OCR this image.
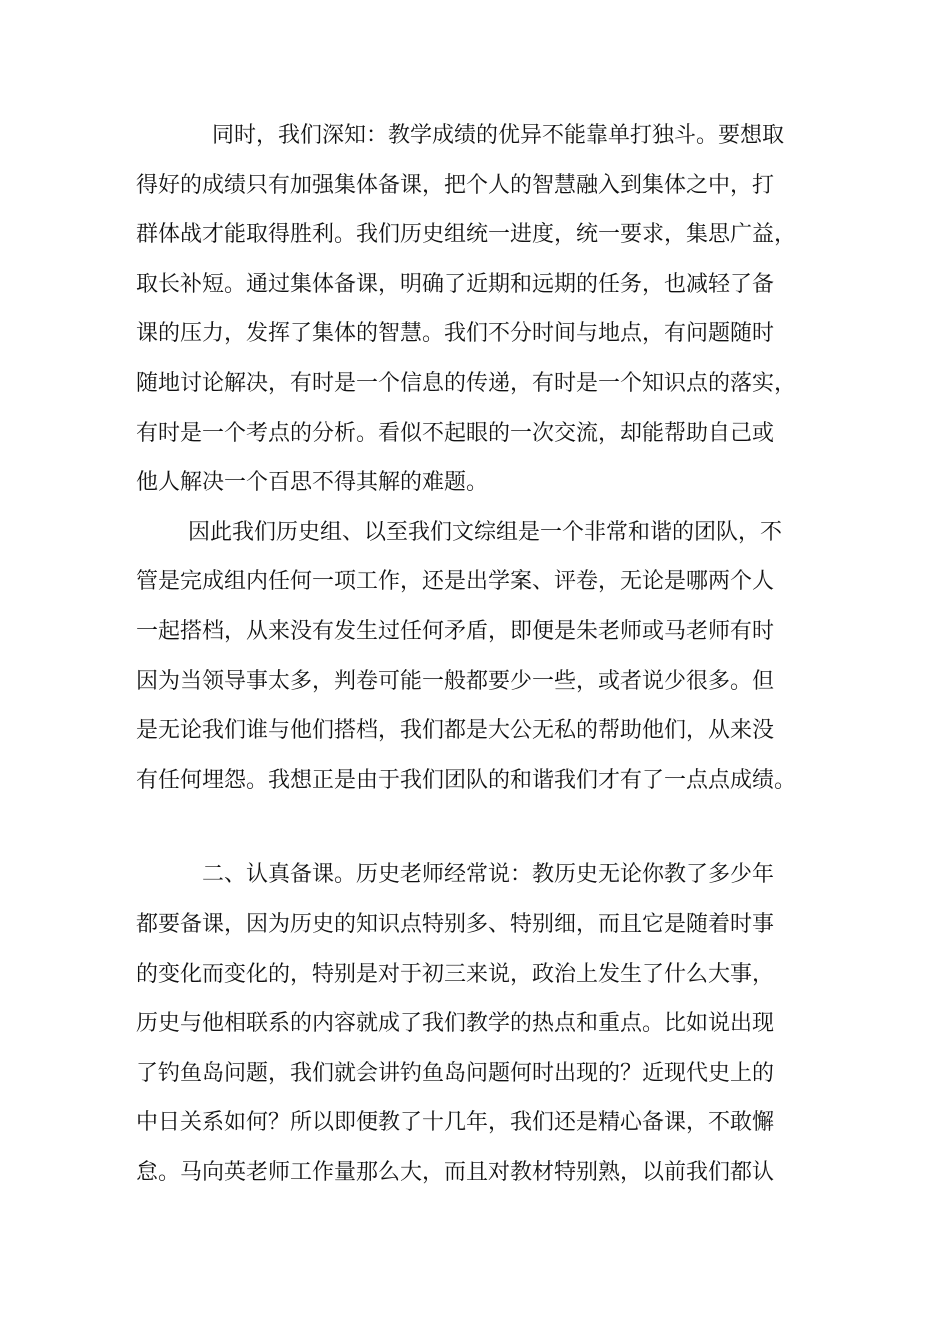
同时，我们深知：教学成绩的优异不能靠单打独斗。要想取
得好的成绩只有加强集体备课，把个人的智慧融入到集体之中，打
群体战才能取得胜利。我们历史组统一进度，统一要求，集思广益，
取长补短。通过集体备课，明确了近期和远期的任务，也减轻了备
课的压力，发挥了集体的智慧。我们不分时间与地点，有问题随时
随地讨论解决，有时是一个信息的传递，有时是一个知识点的落实，
有时是一个考点的分析。看似不起眼的一次交流，却能帮助自己或
他人解决一个百思不得其解的难题。
因此我们历史组、以至我们文综组是一个非常和谐的团队，不
管是完成组内任何一项工作，还是出学案、评卷，无论是哪两个人
一起搭档，从来没有发生过任何矛盾，即便是朱老师或马老师有时
因为当领导事太多，判卷可能一般都要少一些，或者说少很多。但
是无论我们谁与他们搭档，我们都是大公无私的帮助他们，从来没
有任何埋怨。我想正是由于我们团队的和谐我们才有了一点点成绩。
二、认真备课。历史老师经常说：教历史无论你教了多少年
都要备课，因为历史的知识点特别多、特别细，而且它是随着时事
的变化而变化的，特别是对于初三来说，政治上发生了什么大事，
历史与他相联系的内容就成了我们教学的热点和重点。比如说出现
了钓鱼岛问题，我们就会讲钓鱼岛问题何时出现的？近现代史上的
中日关系如何？所以即便教了十几年，我们还是精心备课，不敢懈
怠。马向英老师工作量那么大，而且对教材特别熟，以前我们都认
